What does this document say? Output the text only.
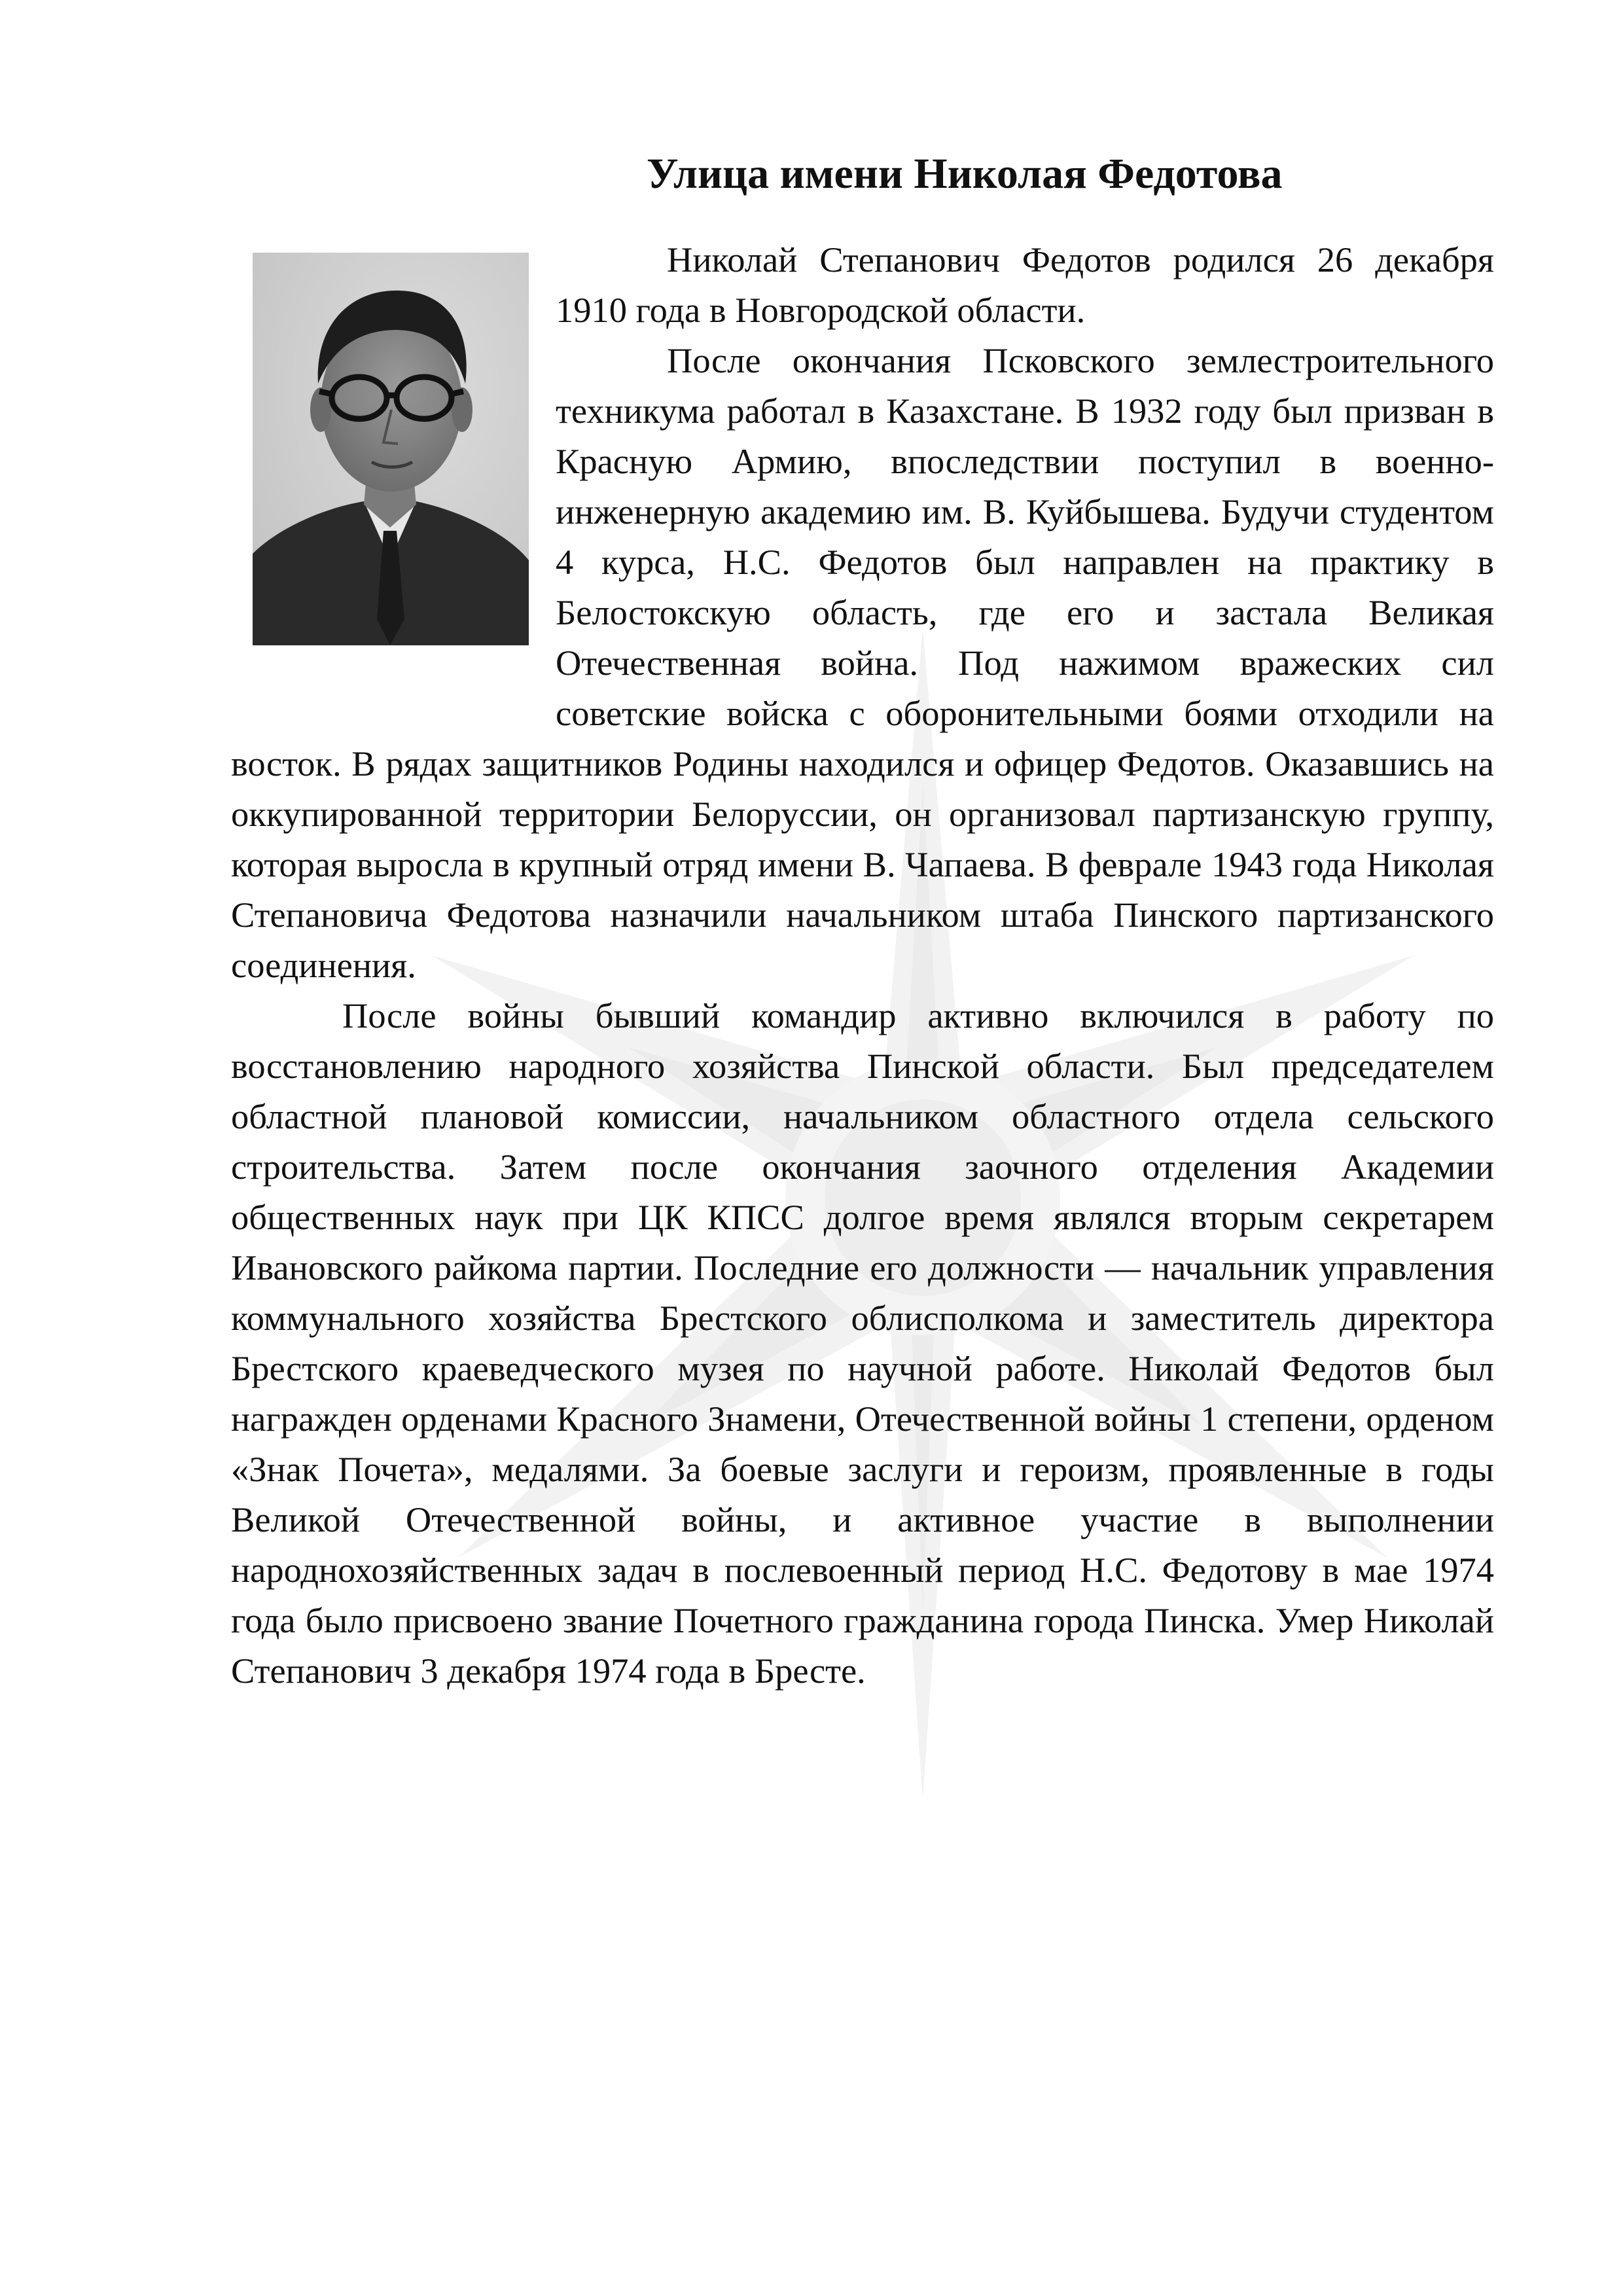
Улица имени Николая Федотова

Николай Степанович Федотов родился 26 декабря 1910 года в Новгородской области.

После окончания Псковского землестроительного техникума работал в Казахстане. В 1932 году был призван в Красную Армию, впоследствии поступил в военно-инженерную академию им. В. Куйбышева. Будучи студентом 4 курса, Н.С. Федотов был направлен на практику в Белостокскую область, где его и застала Великая Отечественная война. Под нажимом вражеских сил советские войска с оборонительными боями отходили на восток. В рядах защитников Родины находился и офицер Федотов. Оказавшись на оккупированной территории Белоруссии, он организовал партизанскую группу, которая выросла в крупный отряд имени В. Чапаева. В феврале 1943 года Николая Степановича Федотова назначили начальником штаба Пинского партизанского соединения.

После войны бывший командир активно включился в работу по восстановлению народного хозяйства Пинской области. Был председателем областной плановой комиссии, начальником областного отдела сельского строительства. Затем после окончания заочного отделения Академии общественных наук при ЦК КПСС долгое время являлся вторым секретарем Ивановского райкома партии. Последние его должности — начальник управления коммунального хозяйства Брестского облисполкома и заместитель директора Брестского краеведческого музея по научной работе. Николай Федотов был награжден орденами Красного Знамени, Отечественной войны 1 степени, орденом «Знак Почета», медалями. За боевые заслуги и героизм, проявленные в годы Великой Отечественной войны, и активное участие в выполнении народнохозяйственных задач в послевоенный период Н.С. Федотову в мае 1974 года было присвоено звание Почетного гражданина города Пинска. Умер Николай Степанович 3 декабря 1974 года в Бресте.
